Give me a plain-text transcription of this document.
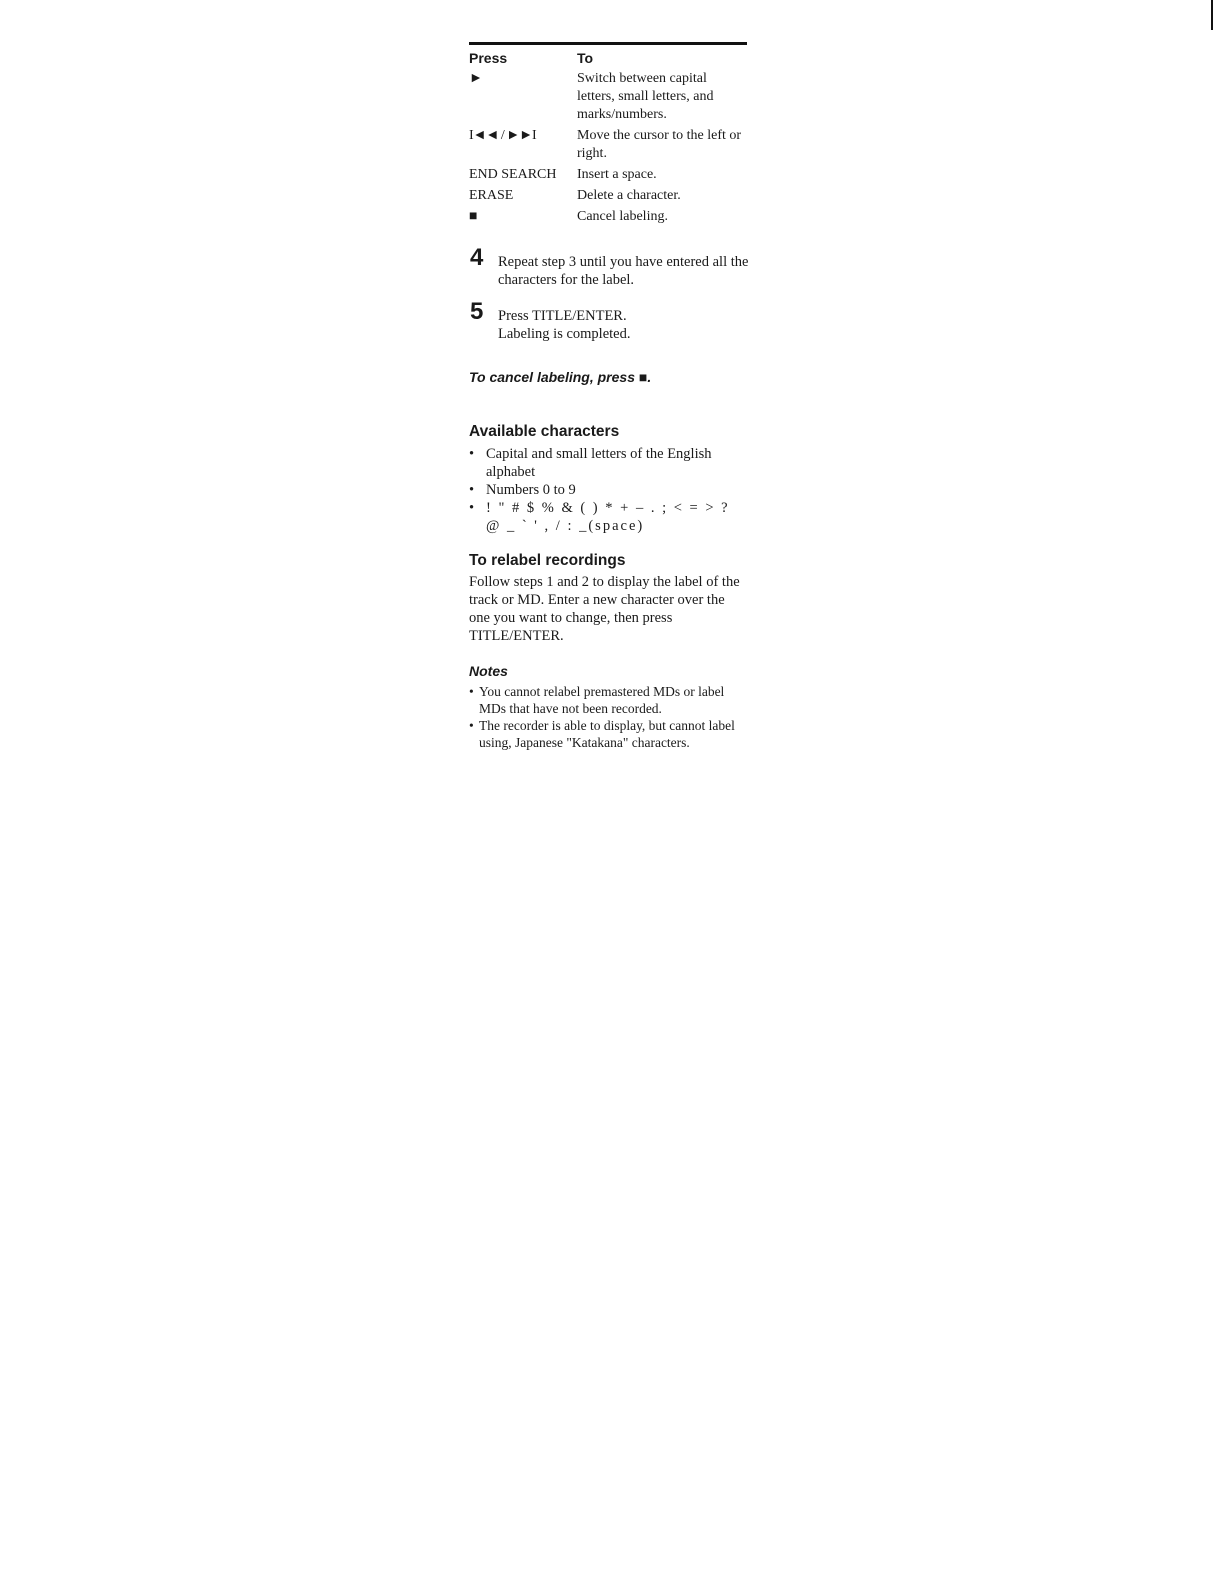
Press	To
►	Switch between capital letters, small letters, and marks/numbers.
I◄◄ / ►►I	Move the cursor to the left or right.
END SEARCH	Insert a space.
ERASE	Delete a character.
■	Cancel labeling.
4 Repeat step 3 until you have entered all the characters for the label.
5 Press TITLE/ENTER.
Labeling is completed.
To cancel labeling, press ■.
Available characters
• Capital and small letters of the English alphabet
• Numbers 0 to 9
• ! " # $ % & ( ) * + – . ; < = > ?
@ _ ` ' , / : _(space)
To relabel recordings

Follow steps 1 and 2 to display the label of the track or MD. Enter a new character over the one you want to change, then press TITLE/ENTER.

Notes
• You cannot relabel premastered MDs or label MDs that have not been recorded.
• The recorder is able to display, but cannot label using, Japanese "Katakana" characters.
